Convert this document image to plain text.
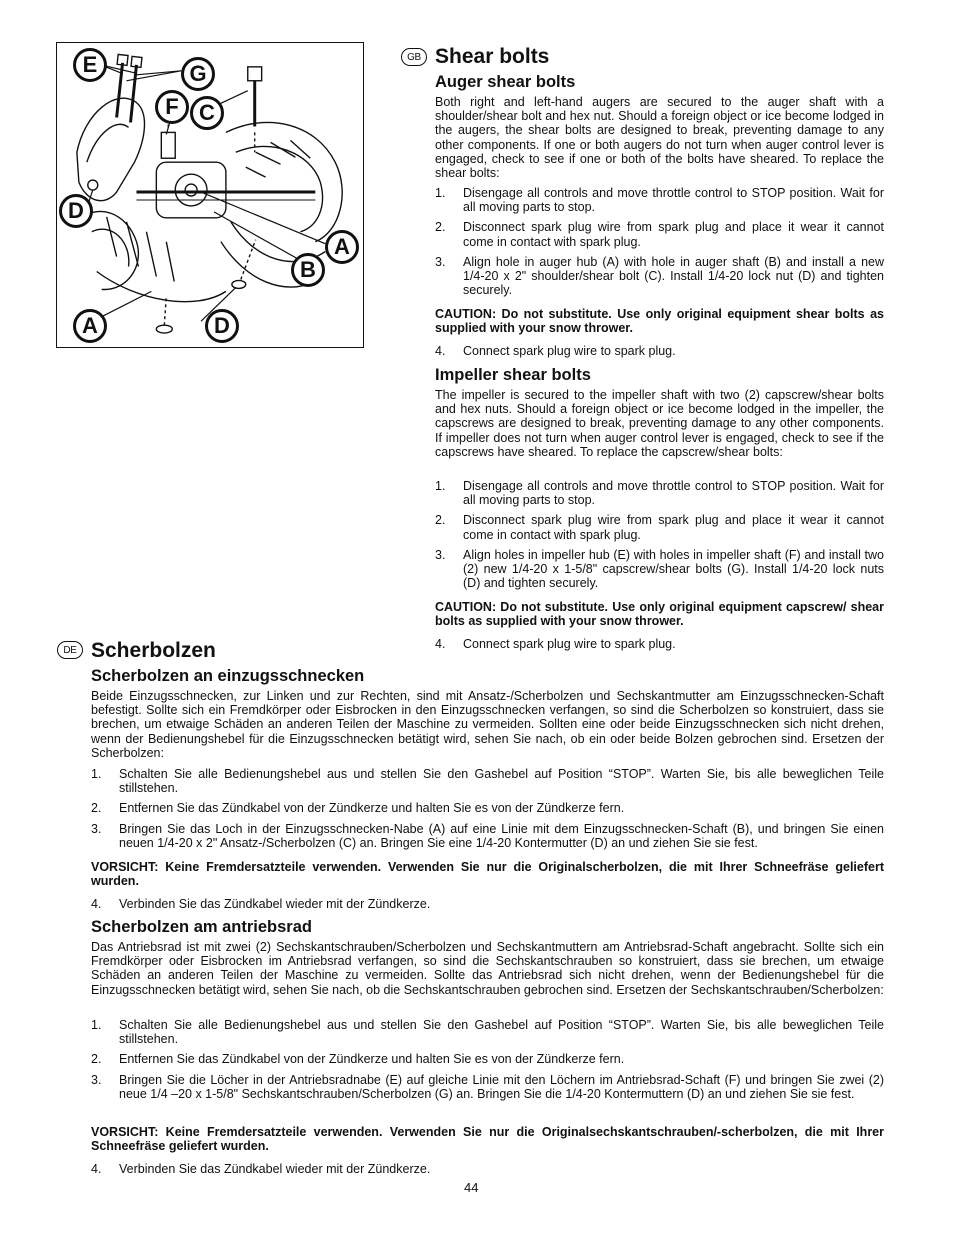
E	G
F C
D
A
B
A	D
GB Shear bolts
Auger shear bolts

Both right and left-hand augers are secured to the auger shaft with a shoulder/shear bolt and hex nut. Should a foreign object or ice become lodged in the augers, the shear bolts are designed to break, preventing damage to any other components. If one or both augers do not turn when auger control lever is engaged, check to see if one or both of the bolts have sheared. To replace the shear bolts:

1. Disengage all controls and move throttle control to STOP position. Wait for all moving parts to stop.
2. Disconnect spark plug wire from spark plug and place it wear it cannot come in contact with spark plug.
3. Align hole in auger hub (A) with hole in auger shaft (B) and install a new 1/4-20 x 2" shoulder/shear bolt (C). Install 1/4-20 lock nut (D) and tighten securely.

CAUTION: Do not substitute. Use only original equipment shear bolts as supplied with your snow thrower.

4. Connect spark plug wire to spark plug.
Impeller shear bolts

The impeller is secured to the impeller shaft with two (2) capscrew/shear bolts and hex nuts. Should a foreign object or ice become lodged in the impeller, the capscrews are designed to break, preventing damage to any other components. If impeller does not turn when auger control lever is engaged, check to see if the capscrews have sheared. To replace the capscrew/shear bolts:

1. Disengage all controls and move throttle control to STOP position. Wait for all moving parts to stop.
2. Disconnect spark plug wire from spark plug and place it wear it cannot come in contact with spark plug.
3. Align holes in impeller hub (E) with holes in impeller shaft (F) and install two (2) new 1/4-20 x 1-5/8" capscrew/shear bolts (G). Install 1/4-20 lock nuts (D) and tighten securely.

CAUTION: Do not substitute. Use only original equipment capscrew/ shear bolts as supplied with your snow thrower.

4. Connect spark plug wire to spark plug.
DE Scherbolzen
Scherbolzen an einzugsschnecken

Beide Einzugsschnecken, zur Linken und zur Rechten, sind mit Ansatz-/Scherbolzen und Sechskantmutter am Einzugsschnecken-Schaft befestigt. Sollte sich ein Fremdkörper oder Eisbrocken in den Einzugsschnecken verfangen, so sind die Scherbolzen so konstruiert, dass sie brechen, um etwaige Schäden an anderen Teilen der Maschine zu vermeiden. Sollten eine oder beide Einzugsschnecken sich nicht drehen, wenn der Bedienungshebel für die Einzugsschnecken betätigt wird, sehen Sie nach, ob ein oder beide Bolzen gebrochen sind. Ersetzen der Scherbolzen:

1. Schalten Sie alle Bedienungshebel aus und stellen Sie den Gashebel auf Position “STOP”. Warten Sie, bis alle beweglichen Teile stillstehen.
2. Entfernen Sie das Zündkabel von der Zündkerze und halten Sie es von der Zündkerze fern.
3. Bringen Sie das Loch in der Einzugsschnecken-Nabe (A) auf eine Linie mit dem Einzugsschnecken-Schaft (B), und bringen Sie einen neuen 1/4-20 x 2" Ansatz-/Scherbolzen (C) an. Bringen Sie eine 1/4-20 Kontermutter (D) an und ziehen Sie sie fest.

VORSICHT: Keine Fremdersatzteile verwenden. Verwenden Sie nur die Originalscherbolzen, die mit Ihrer Schneefräse geliefert wurden.

4. Verbinden Sie das Zündkabel wieder mit der Zündkerze.
Scherbolzen am antriebsrad

Das Antriebsrad ist mit zwei (2) Sechskantschrauben/Scherbolzen und Sechskantmuttern am Antriebsrad-Schaft angebracht. Sollte sich ein Fremdkörper oder Eisbrocken im Antriebsrad verfangen, so sind die Sechskantschrauben so konstruiert, dass sie brechen, um etwaige Schäden an anderen Teilen der Maschine zu vermeiden. Sollte das Antriebsrad sich nicht drehen, wenn der Bedienungshebel für die Einzugsschnecken betätigt wird, sehen Sie nach, ob die Sechskantschrauben gebrochen sind. Ersetzen der Sechskantschrauben/Scherbolzen:

1. Schalten Sie alle Bedienungshebel aus und stellen Sie den Gashebel auf Position “STOP”. Warten Sie, bis alle beweglichen Teile stillstehen.
2. Entfernen Sie das Zündkabel von der Zündkerze und halten Sie es von der Zündkerze fern.
3. Bringen Sie die Löcher in der Antriebsradnabe (E) auf gleiche Linie mit den Löchern im Antriebsrad-Schaft (F) und bringen Sie zwei (2) neue 1/4 –20 x 1-5/8" Sechskantschrauben/Scherbolzen (G) an. Bringen Sie die 1/4-20 Kontermuttern (D) an und ziehen Sie sie fest.

VORSICHT: Keine Fremdersatzteile verwenden. Verwenden Sie nur die Originalsechskantschrauben/-scherbolzen, die mit Ihrer Schneefräse geliefert wurden.

4. Verbinden Sie das Zündkabel wieder mit der Zündkerze.
44
